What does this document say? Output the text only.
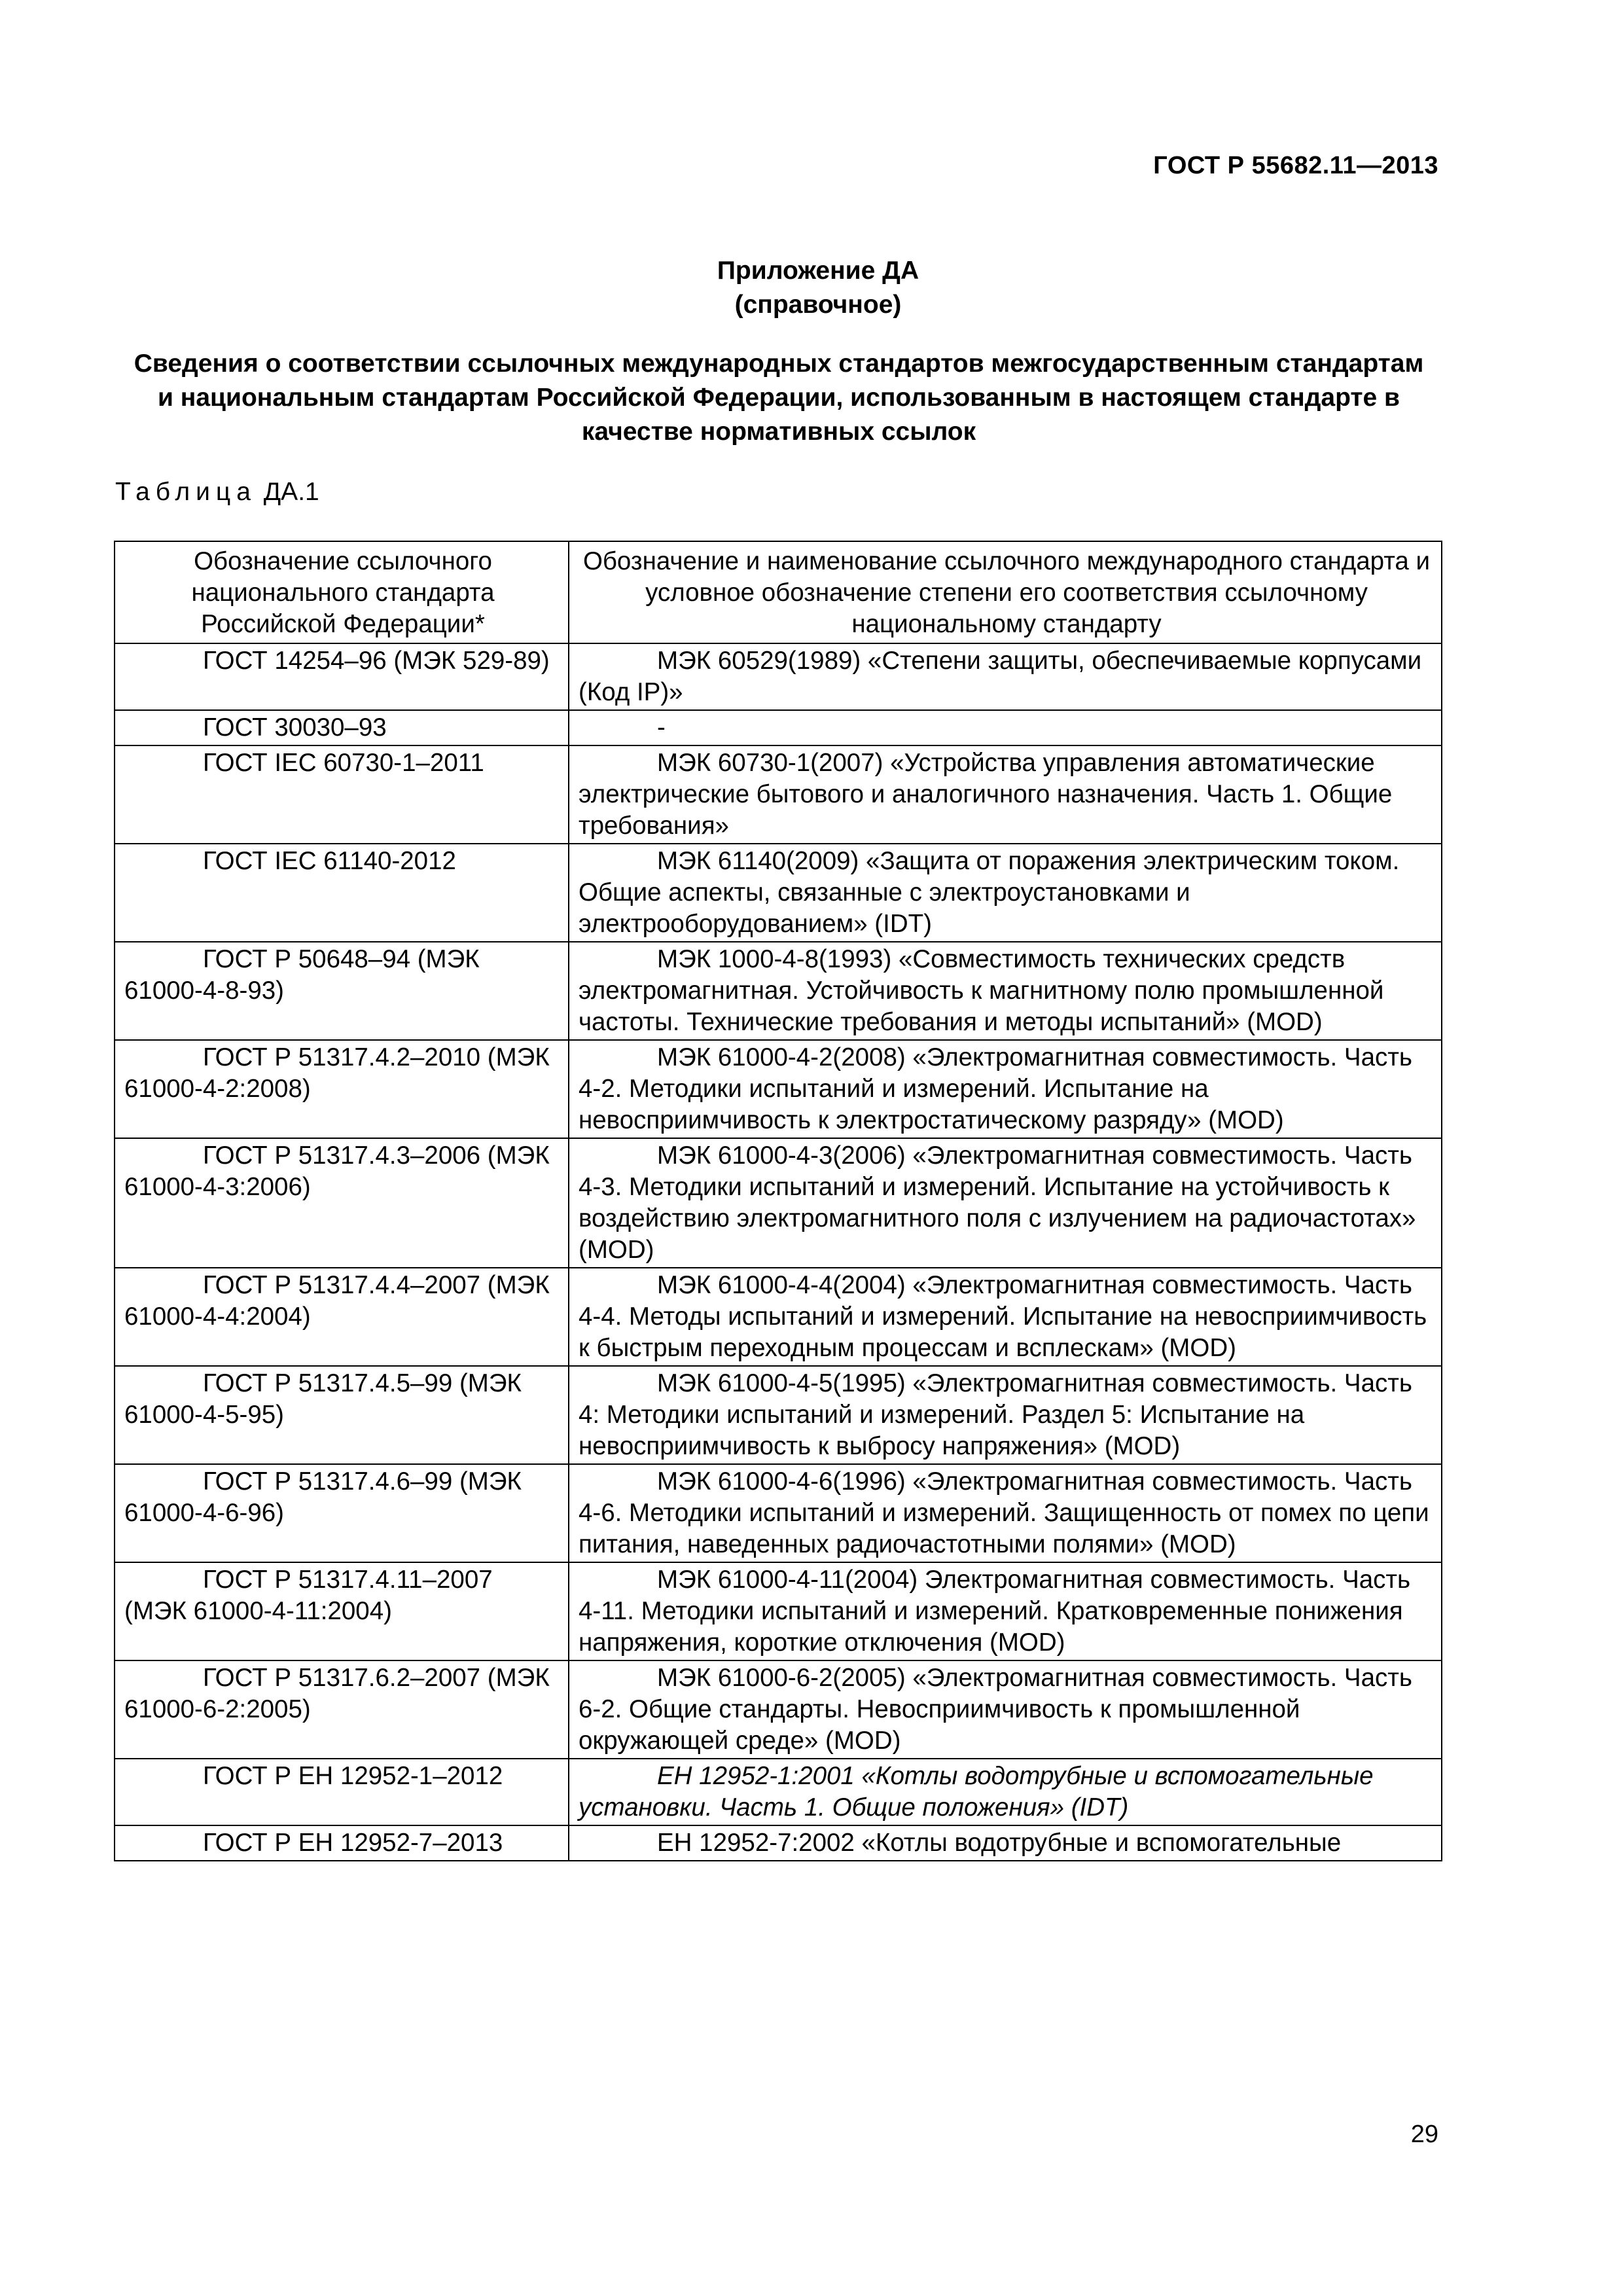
ГОСТ Р 55682.11—2013
Приложение ДА
(справочное)
Сведения о соответствии ссылочных международных стандартов межгосударственным стандартам и национальным стандартам Российской Федерации, использованным в настоящем стандарте в качестве нормативных ссылок
Таблица ДА.1
Обозначение ссылочного национального стандарта Российской Федерации*	Обозначение и наименование ссылочного международного стандарта и условное обозначение степени его соответствия ссылочному национальному стандарту
ГОСТ 14254–96 (МЭК 529-89)	МЭК 60529(1989) «Степени защиты, обеспечиваемые корпусами (Код IP)»
ГОСТ 30030–93	-
ГОСТ IEC 60730-1–2011	МЭК 60730-1(2007) «Устройства управления автоматические электрические бытового и аналогичного назначения. Часть 1. Общие требования»
ГОСТ IEC 61140-2012	МЭК 61140(2009) «Защита от поражения электрическим током. Общие аспекты, связанные с электроустановками и электрооборудованием» (IDT)
ГОСТ Р 50648–94 (МЭК 61000-4-8-93)	МЭК 1000-4-8(1993) «Совместимость технических средств электромагнитная. Устойчивость к магнитному полю промышленной частоты. Технические требования и методы испытаний» (MOD)
ГОСТ Р 51317.4.2–2010 (МЭК 61000-4-2:2008)	МЭК 61000-4-2(2008) «Электромагнитная совместимость. Часть 4-2. Методики испытаний и измерений. Испытание на невосприимчивость к электростатическому разряду» (MOD)
ГОСТ Р 51317.4.3–2006 (МЭК 61000-4-3:2006)	МЭК 61000-4-3(2006) «Электромагнитная совместимость. Часть 4-3. Методики испытаний и измерений. Испытание на устойчивость к воздействию электромагнитного поля с излучением на радиочастотах» (MOD)
ГОСТ Р 51317.4.4–2007 (МЭК 61000-4-4:2004)	МЭК 61000-4-4(2004) «Электромагнитная совместимость. Часть 4-4. Методы испытаний и измерений. Испытание на невосприимчивость к быстрым переходным процессам и всплескам» (MOD)
ГОСТ Р 51317.4.5–99 (МЭК 61000-4-5-95)	МЭК 61000-4-5(1995) «Электромагнитная совместимость. Часть 4: Методики испытаний и измерений. Раздел 5: Испытание на невосприимчивость к выбросу напряжения» (MOD)
ГОСТ Р 51317.4.6–99 (МЭК 61000-4-6-96)	МЭК 61000-4-6(1996) «Электромагнитная совместимость. Часть 4-6. Методики испытаний и измерений. Защищенность от помех по цепи питания, наведенных радиочастотными полями» (MOD)
ГОСТ Р 51317.4.11–2007 (МЭК 61000-4-11:2004)	МЭК 61000-4-11(2004) Электромагнитная совместимость. Часть 4-11. Методики испытаний и измерений. Кратковременные понижения напряжения, короткие отключения (MOD)
ГОСТ Р 51317.6.2–2007 (МЭК 61000-6-2:2005)	МЭК 61000-6-2(2005) «Электромагнитная совместимость. Часть 6-2. Общие стандарты. Невосприимчивость к промышленной окружающей среде» (MOD)
ГОСТ Р ЕН 12952-1–2012	ЕН 12952-1:2001 «Котлы водотрубные и вспомогательные установки. Часть 1. Общие положения» (IDT)
ГОСТ Р ЕН 12952-7–2013	ЕН 12952-7:2002 «Котлы водотрубные и вспомогательные
29
